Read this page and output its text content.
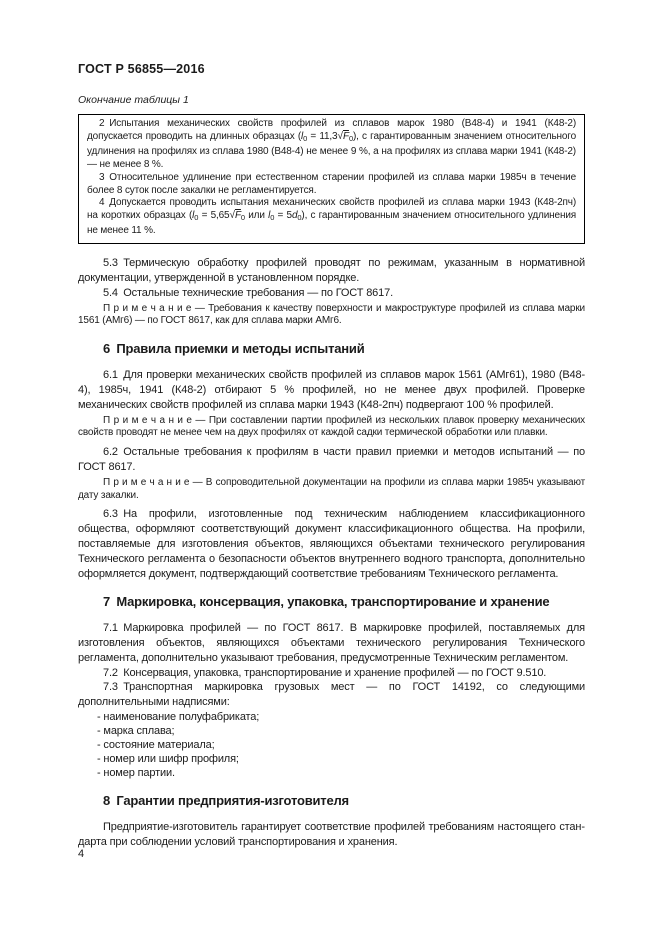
ГОСТ Р 56855—2016
Окончание таблицы 1

2 Испытания механических свойств профилей из сплавов марок 1980 (В48-4) и 1941 (К48-2) допускается проводить на длинных образцах $(l_0 = 11,3√F_0)$, с гарантированным значением относительного удлинения на профилях из сплава 1980 (В48-4) не менее 9 %, а на профилях из сплава марки 1941 (К48-2) — не менее 8 %.

3 Относительное удлинение при естественном старении профилей из сплава марки 1985ч в течение более 8 суток после закалки не регламентируется.

4 Допускается проводить испытания механических свойств профилей из сплава марки 1943 (К48-2пч) на коротких образцах ($l_0 = 5,65√F_0$ или $l_0 = 5d_0$), с гарантированным значением относительного удлинения не менее 11 %.

5.3 Термическую обработку профилей проводят по режимам, указанным в нормативной документации, утвержденной в установленном порядке.

5.4 Остальные технические требования — по ГОСТ 8617.

П р и м е ч а н и е — Требования к качеству поверхности и макроструктуре профилей из сплава марки 1561 (АМг6) — по ГОСТ 8617, как для сплава марки АМг6.

6 Правила приемки и методы испытаний

6.1 Для проверки механических свойств профилей из сплавов марок 1561 (АМг61), 1980 (В48-4), 1985ч, 1941 (К48-2) отбирают 5 % профилей, но не менее двух профилей. Проверке механических свойств профилей из сплава марки 1943 (К48-2пч) подвергают 100 % профилей.

П р и м е ч а н и е — При составлении партии профилей из нескольких плавок проверку механических свойств проводят не менее чем на двух профилях от каждой садки термической обработки или плавки.

6.2 Остальные требования к профилям в части правил приемки и методов испытаний — по ГОСТ 8617.

П р и м е ч а н и е — В сопроводительной документации на профили из сплава марки 1985ч указывают дату закалки.

6.3 На профили, изготовленные под техническим наблюдением классификационного общества, оформляют соответствующий документ классификационного общества. На профили, поставляемые для изготовления объектов, являющихся объектами технического регулирования Технического регламента о безопасности объектов внутреннего водного транспорта, дополнительно оформляется документ, подтверждающий соответствие требованиям Технического регламента.

7 Маркировка, консервация, упаковка, транспортирование и хранение

7.1 Маркировка профилей — по ГОСТ 8617. В маркировке профилей, поставляемых для изготовления объектов, являющихся объектами технического регулирования Технического регламента, дополнительно указывают требования, предусмотренные Техническим регламентом.

7.2 Консервация, упаковка, транспортирование и хранение профилей — по ГОСТ 9.510.

7.3 Транспортная маркировка грузовых мест — по ГОСТ 14192, со следующими дополнительными надписями:

- наименование полуфабриката;
- марка сплава;
- состояние материала;
- номер или шифр профиля;
- номер партии.
8 Гарантии предприятия-изготовителя

Предприятие-изготовитель гарантирует соответствие профилей требованиям настоящего стандарта при соблюдении условий транспортирования и хранения.

4
